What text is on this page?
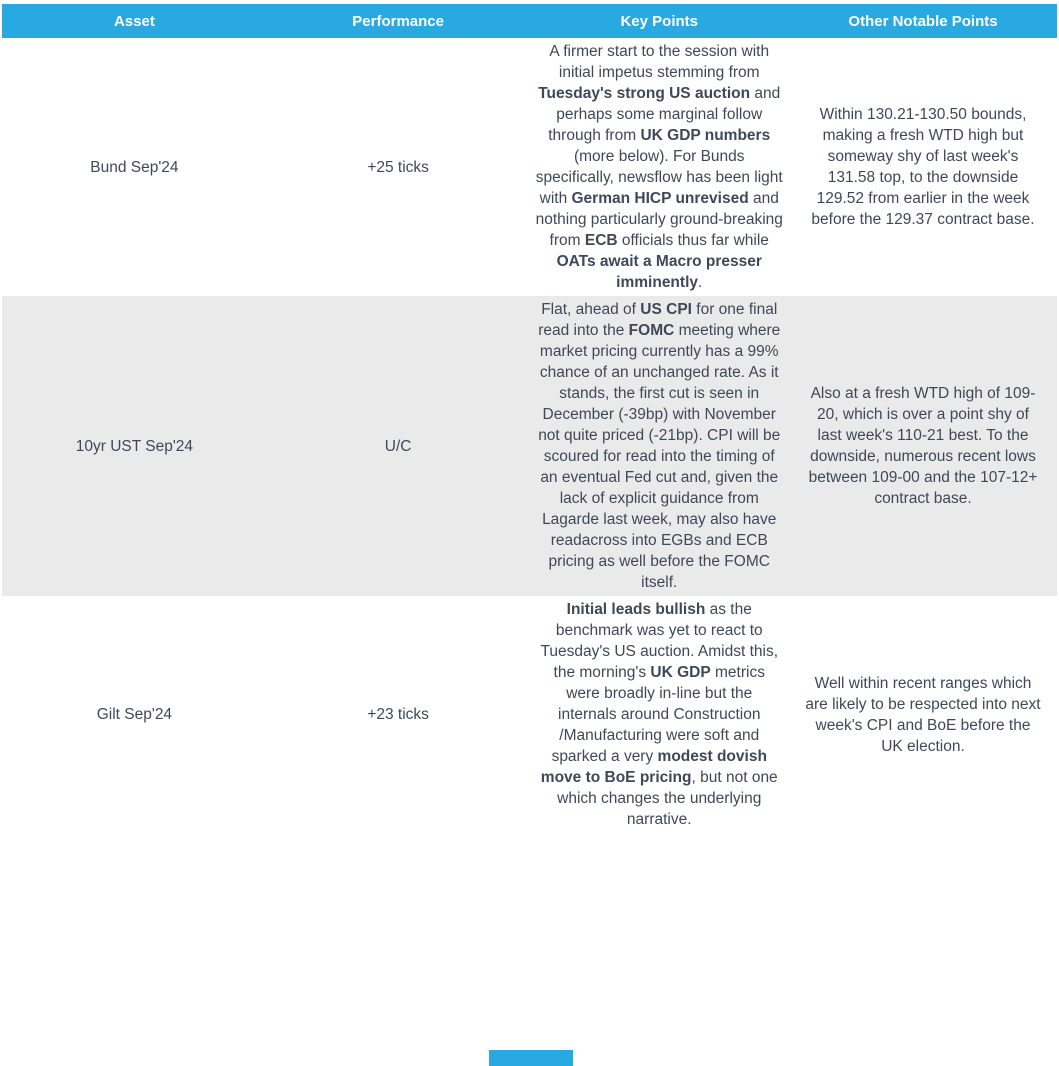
Asset	Performance	Key Points	Other Notable Points
Bund Sep'24	+25 ticks	A firmer start to the session with initial impetus stemming from Tuesday's strong US auction and perhaps some marginal follow through from UK GDP numbers (more below). For Bunds specifically, newsflow has been light with German HICP unrevised and nothing particularly ground-breaking from ECB officials thus far while OATs await a Macro presser imminently.	Within 130.21-130.50 bounds, making a fresh WTD high but someway shy of last week's 131.58 top, to the downside 129.52 from earlier in the week before the 129.37 contract base.
10yr UST Sep'24	U/C	Flat, ahead of US CPI for one final read into the FOMC meeting where market pricing currently has a 99% chance of an unchanged rate. As it stands, the first cut is seen in December (-39bp) with November not quite priced (-21bp). CPI will be scoured for read into the timing of an eventual Fed cut and, given the lack of explicit guidance from Lagarde last week, may also have readacross into EGBs and ECB pricing as well before the FOMC itself.	Also at a fresh WTD high of 109-20, which is over a point shy of last week's 110-21 best. To the downside, numerous recent lows between 109-00 and the 107-12+ contract base.
Gilt Sep'24	+23 ticks	Initial leads bullish as the benchmark was yet to react to Tuesday's US auction. Amidst this, the morning's UK GDP metrics were broadly in-line but the internals around Construction /Manufacturing were soft and sparked a very modest dovish move to BoE pricing, but not one which changes the underlying narrative.	Well within recent ranges which are likely to be respected into next week's CPI and BoE before the UK election.
